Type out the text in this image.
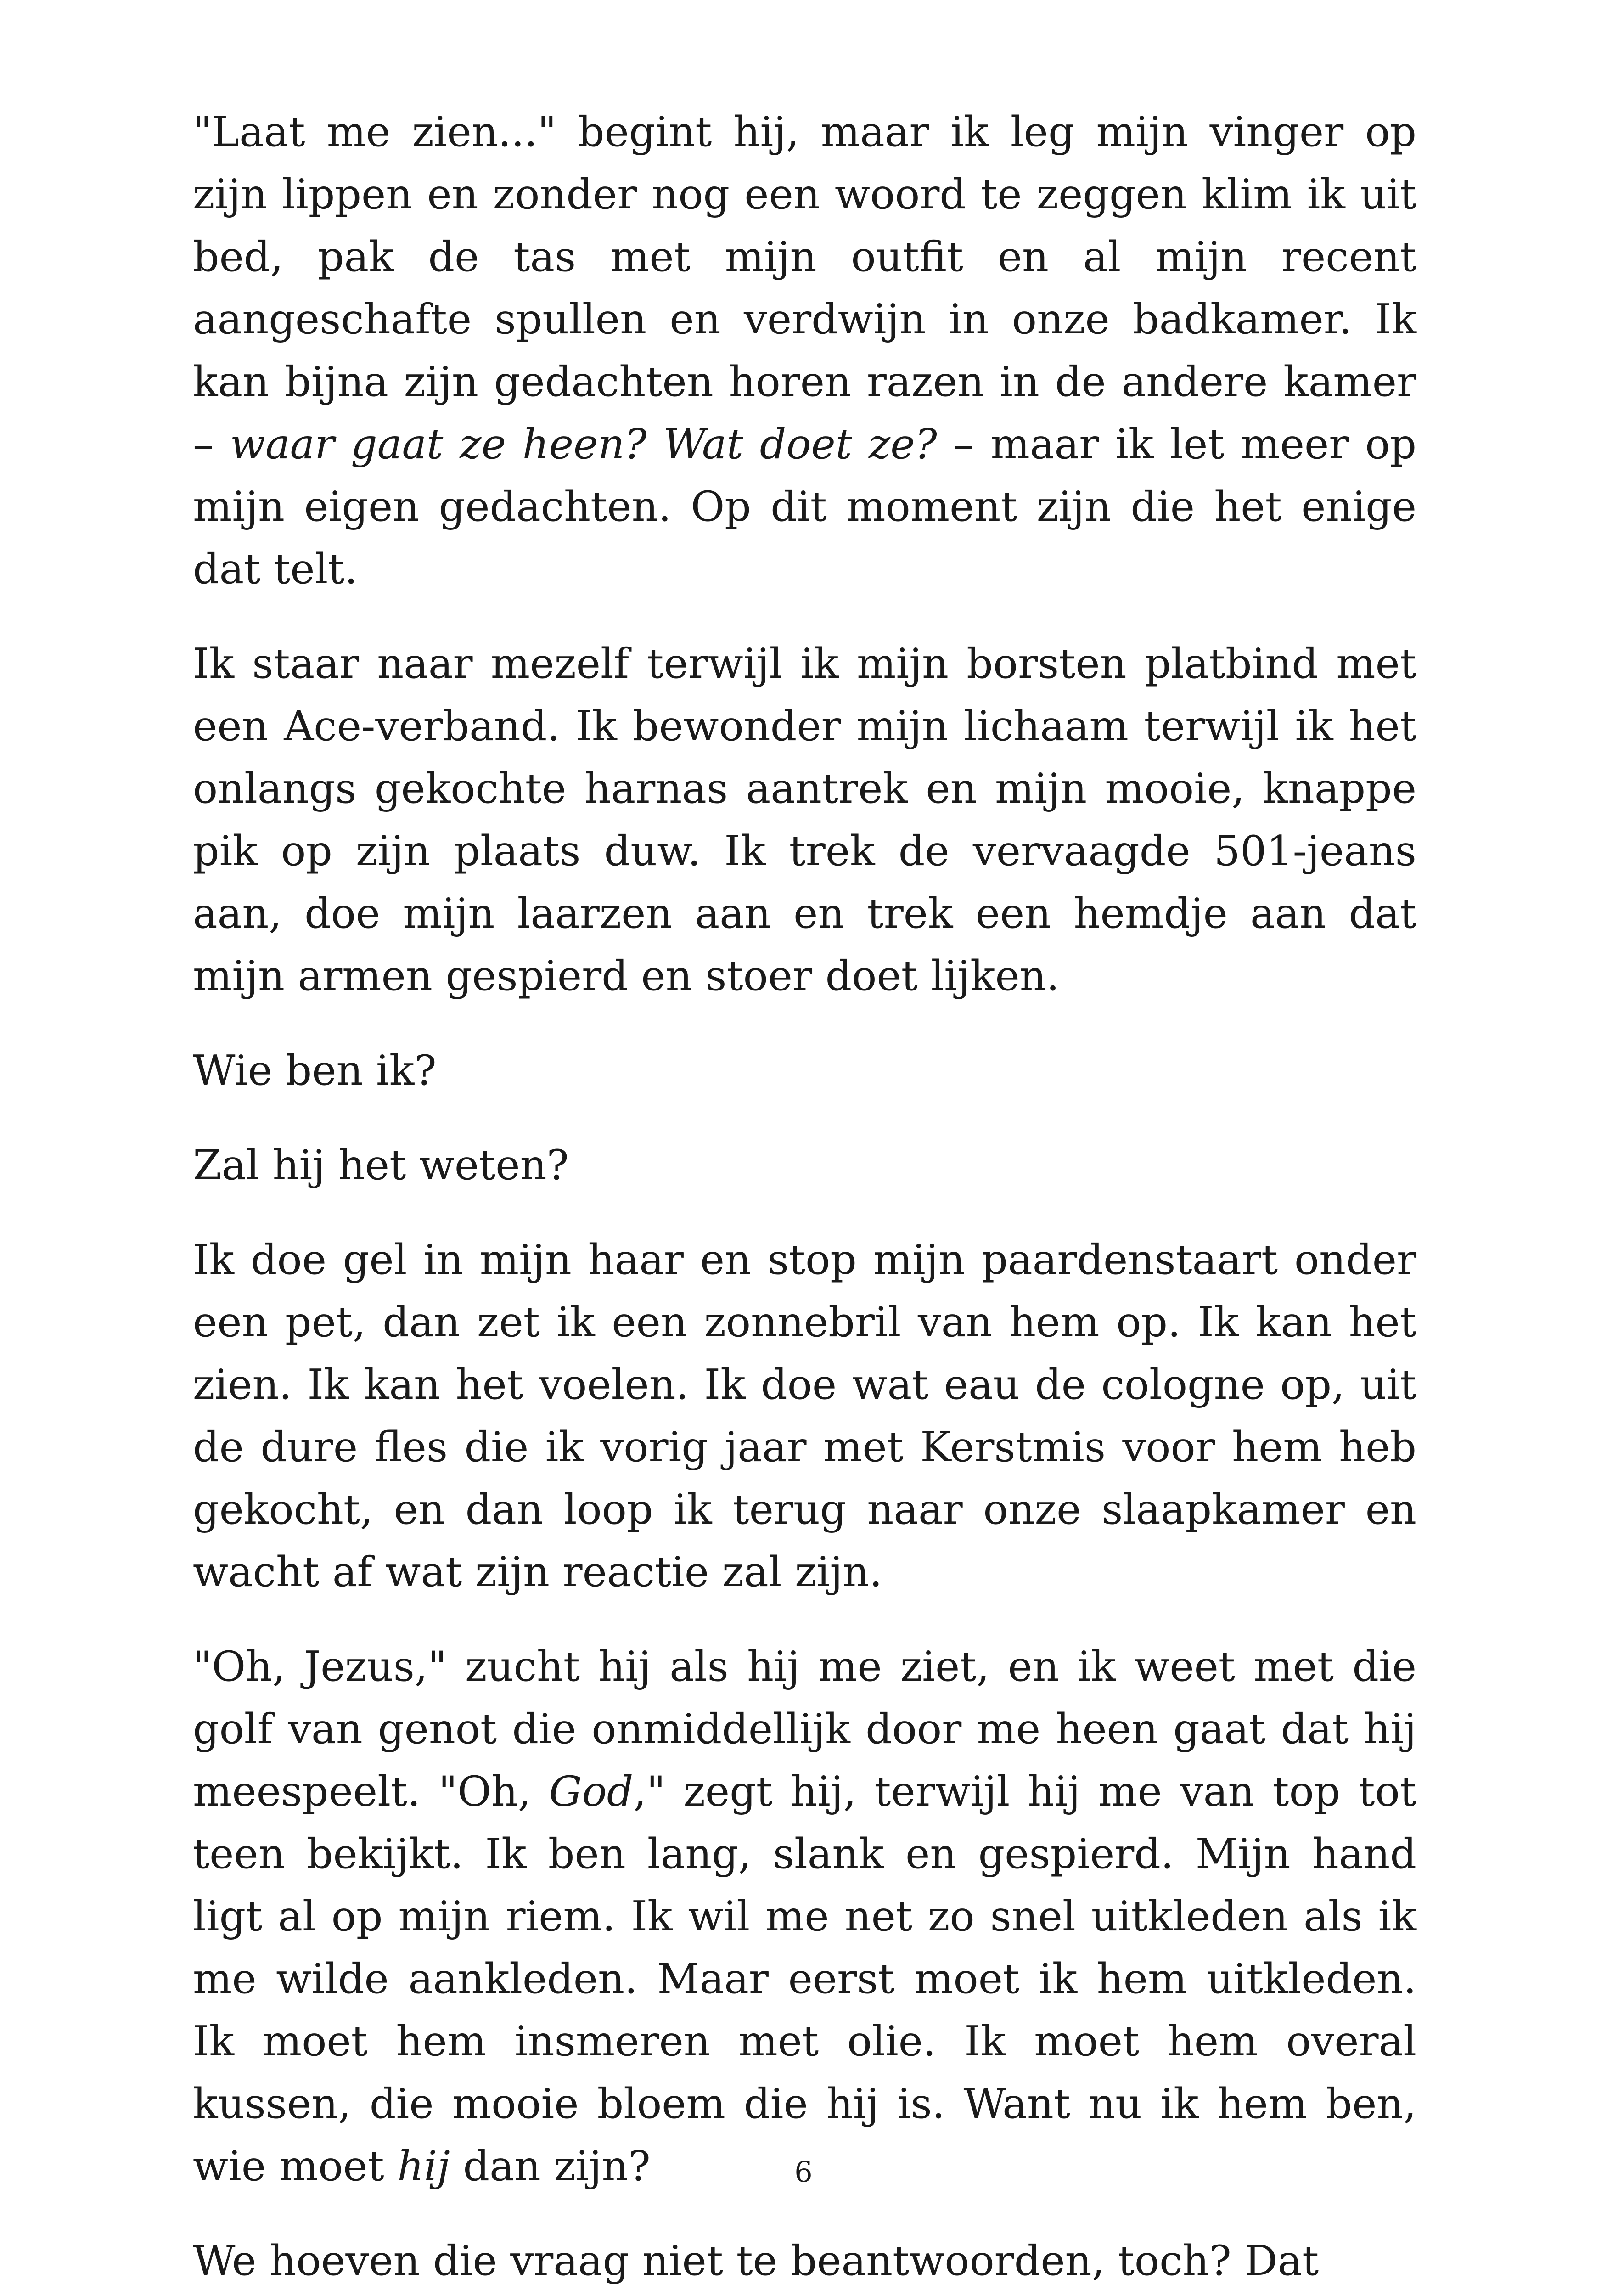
"Laat me zien..." begint hij, maar ik leg mijn vinger op zijn lippen en zonder nog een woord te zeggen klim ik uit bed, pak de tas met mijn outfit en al mijn recent aangeschafte spullen en verdwijn in onze badkamer. Ik kan bijna zijn gedachten horen razen in de andere kamer – waar gaat ze heen? Wat doet ze? – maar ik let meer op mijn eigen gedachten. Op dit moment zijn die het enige dat telt.

Ik staar naar mezelf terwijl ik mijn borsten platbind met een Ace-verband. Ik bewonder mijn lichaam terwijl ik het onlangs gekochte harnas aantrek en mijn mooie, knappe pik op zijn plaats duw. Ik trek de vervaagde 501-jeans aan, doe mijn laarzen aan en trek een hemdje aan dat mijn armen gespierd en stoer doet lijken.

Wie ben ik?

Zal hij het weten?

Ik doe gel in mijn haar en stop mijn paardenstaart onder een pet, dan zet ik een zonnebril van hem op. Ik kan het zien. Ik kan het voelen. Ik doe wat eau de cologne op, uit de dure fles die ik vorig jaar met Kerstmis voor hem heb gekocht, en dan loop ik terug naar onze slaapkamer en wacht af wat zijn reactie zal zijn.

"Oh, Jezus," zucht hij als hij me ziet, en ik weet met die golf van genot die onmiddellijk door me heen gaat dat hij meespeelt. "Oh, God," zegt hij, terwijl hij me van top tot teen bekijkt. Ik ben lang, slank en gespierd. Mijn hand ligt al op mijn riem. Ik wil me net zo snel uitkleden als ik me wilde aankleden. Maar eerst moet ik hem uitkleden. Ik moet hem insmeren met olie. Ik moet hem overal kussen, die mooie bloem die hij is. Want nu ik hem ben, wie moet hij dan zijn?

We hoeven die vraag niet te beantwoorden, toch? Dat

6
